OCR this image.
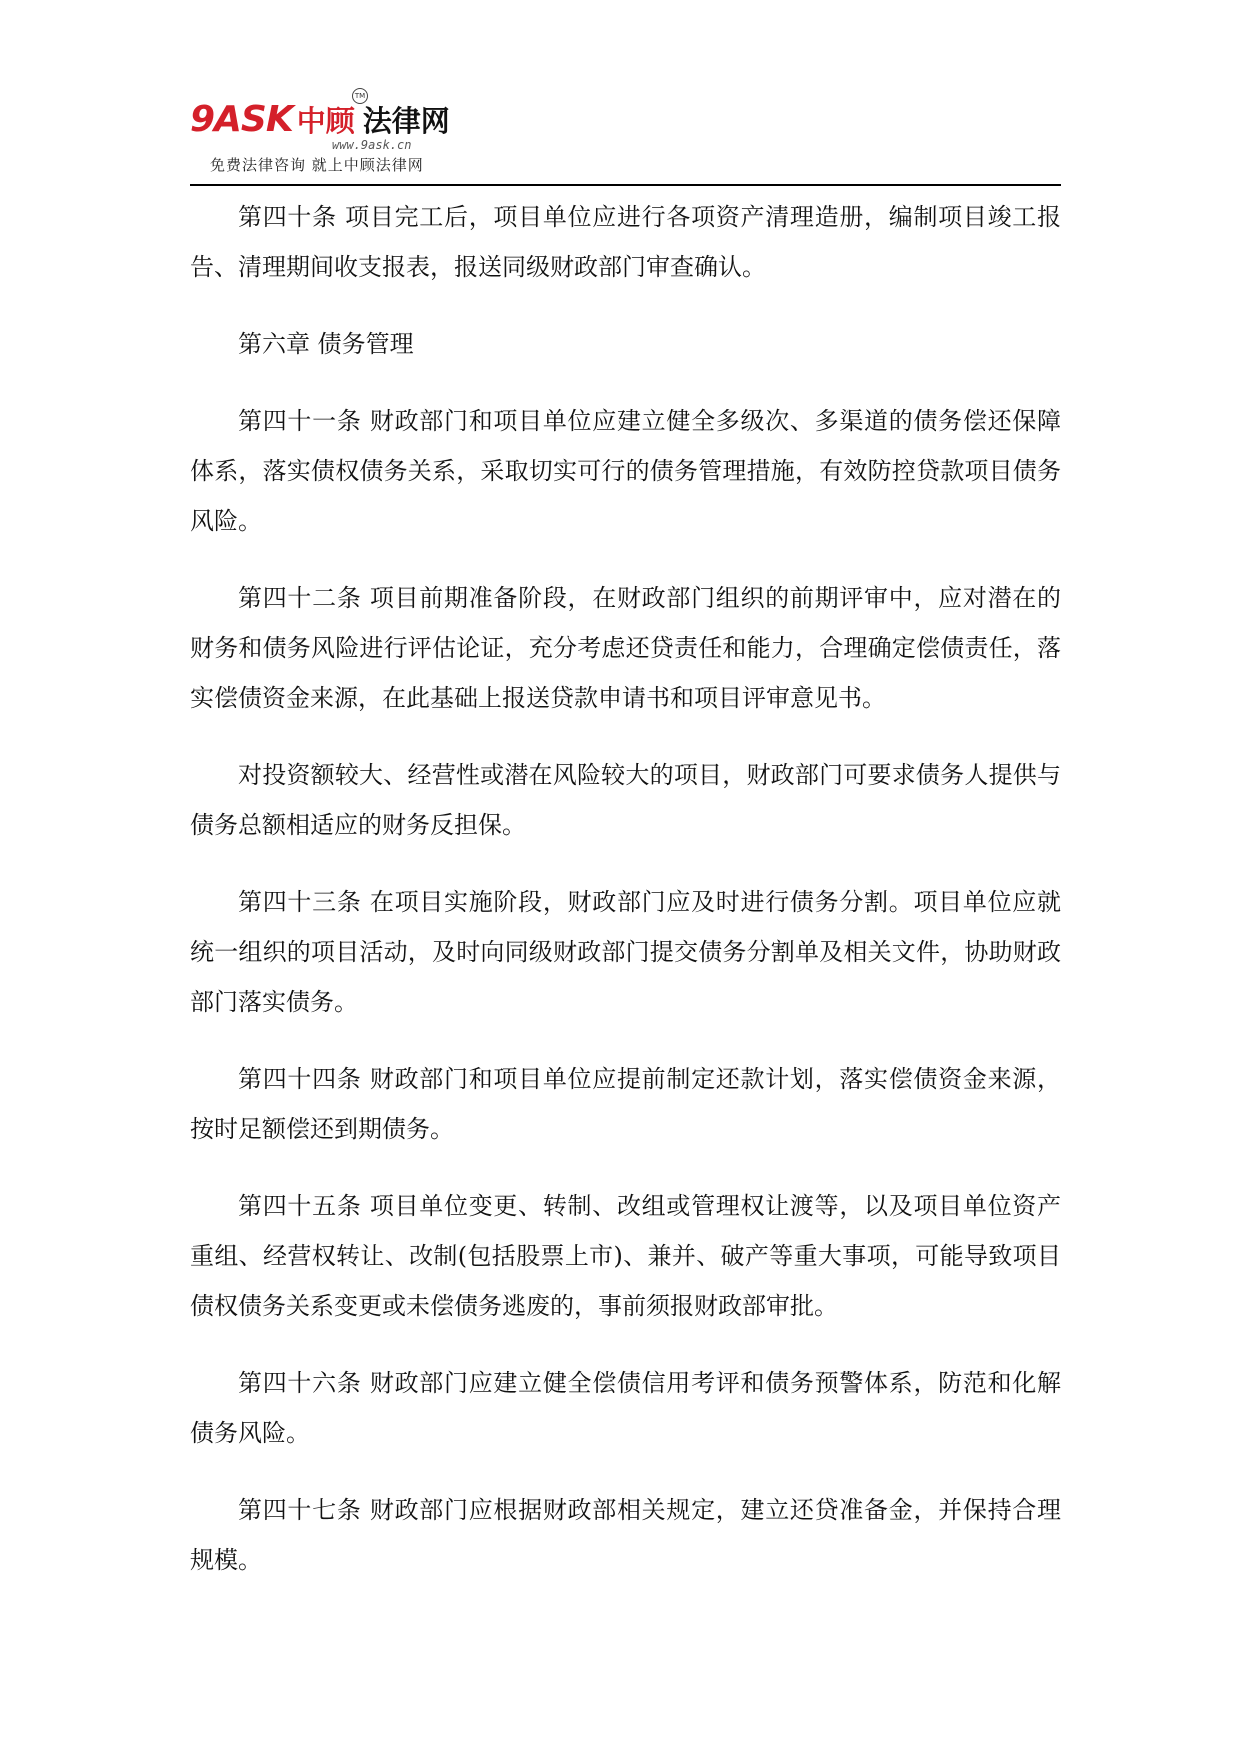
9ASK 中顾 法律网
TM
www.9ask.cn
免费法律咨询 就上中顾法律网

第四十条 项目完工后，项目单位应进行各项资产清理造册，编制项目竣工报告、清理期间收支报表，报送同级财政部门审查确认。

第六章 债务管理

第四十一条 财政部门和项目单位应建立健全多级次、多渠道的债务偿还保障体系，落实债权债务关系，采取切实可行的债务管理措施，有效防控贷款项目债务风险。

第四十二条 项目前期准备阶段，在财政部门组织的前期评审中，应对潜在的财务和债务风险进行评估论证，充分考虑还贷责任和能力，合理确定偿债责任，落实偿债资金来源，在此基础上报送贷款申请书和项目评审意见书。

对投资额较大、经营性或潜在风险较大的项目，财政部门可要求债务人提供与债务总额相适应的财务反担保。

第四十三条 在项目实施阶段，财政部门应及时进行债务分割。项目单位应就统一组织的项目活动，及时向同级财政部门提交债务分割单及相关文件，协助财政部门落实债务。

第四十四条 财政部门和项目单位应提前制定还款计划，落实偿债资金来源，按时足额偿还到期债务。

第四十五条 项目单位变更、转制、改组或管理权让渡等，以及项目单位资产重组、经营权转让、改制(包括股票上市)、兼并、破产等重大事项，可能导致项目债权债务关系变更或未偿债务逃废的，事前须报财政部审批。

第四十六条 财政部门应建立健全偿债信用考评和债务预警体系，防范和化解债务风险。

第四十七条 财政部门应根据财政部相关规定，建立还贷准备金，并保持合理规模。
